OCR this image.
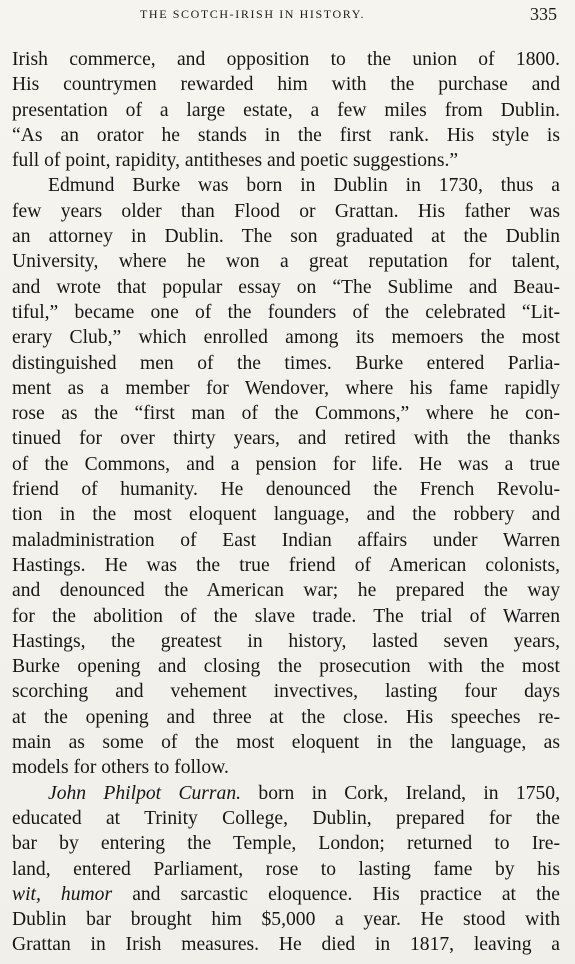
THE SCOTCH-IRISH IN HISTORY.	335
Irish commerce, and opposition to the union of 1800.
His countrymen rewarded him with the purchase and
presentation of a large estate, a few miles from Dublin.
“As an orator he stands in the first rank. His style is
full of point, rapidity, antitheses and poetic suggestions.”
Edmund Burke was born in Dublin in 1730, thus a
few years older than Flood or Grattan. His father was
an attorney in Dublin. The son graduated at the Dublin
University, where he won a great reputation for talent,
and wrote that popular essay on “The Sublime and Beau-
tiful,” became one of the founders of the celebrated “Lit-
erary Club,” which enrolled among its memoers the most
distinguished men of the times. Burke entered Parlia-
ment as a member for Wendover, where his fame rapidly
rose as the “first man of the Commons,” where he con-
tinued for over thirty years, and retired with the thanks
of the Commons, and a pension for life. He was a true
friend of humanity. He denounced the French Revolu-
tion in the most eloquent language, and the robbery and
maladministration of East Indian affairs under Warren
Hastings. He was the true friend of American colonists,
and denounced the American war; he prepared the way
for the abolition of the slave trade. The trial of Warren
Hastings, the greatest in history, lasted seven years,
Burke opening and closing the prosecution with the most
scorching and vehement invectives, lasting four days
at the opening and three at the close. His speeches re-
main as some of the most eloquent in the language, as
models for others to follow.
John Philpot Curran. born in Cork, Ireland, in 1750,
educated at Trinity College, Dublin, prepared for the
bar by entering the Temple, London; returned to Ire-
land, entered Parliament, rose to lasting fame by his
wit, humor and sarcastic eloquence. His practice at the
Dublin bar brought him $5,000 a year. He stood with
Grattan in Irish measures. He died in 1817, leaving a
